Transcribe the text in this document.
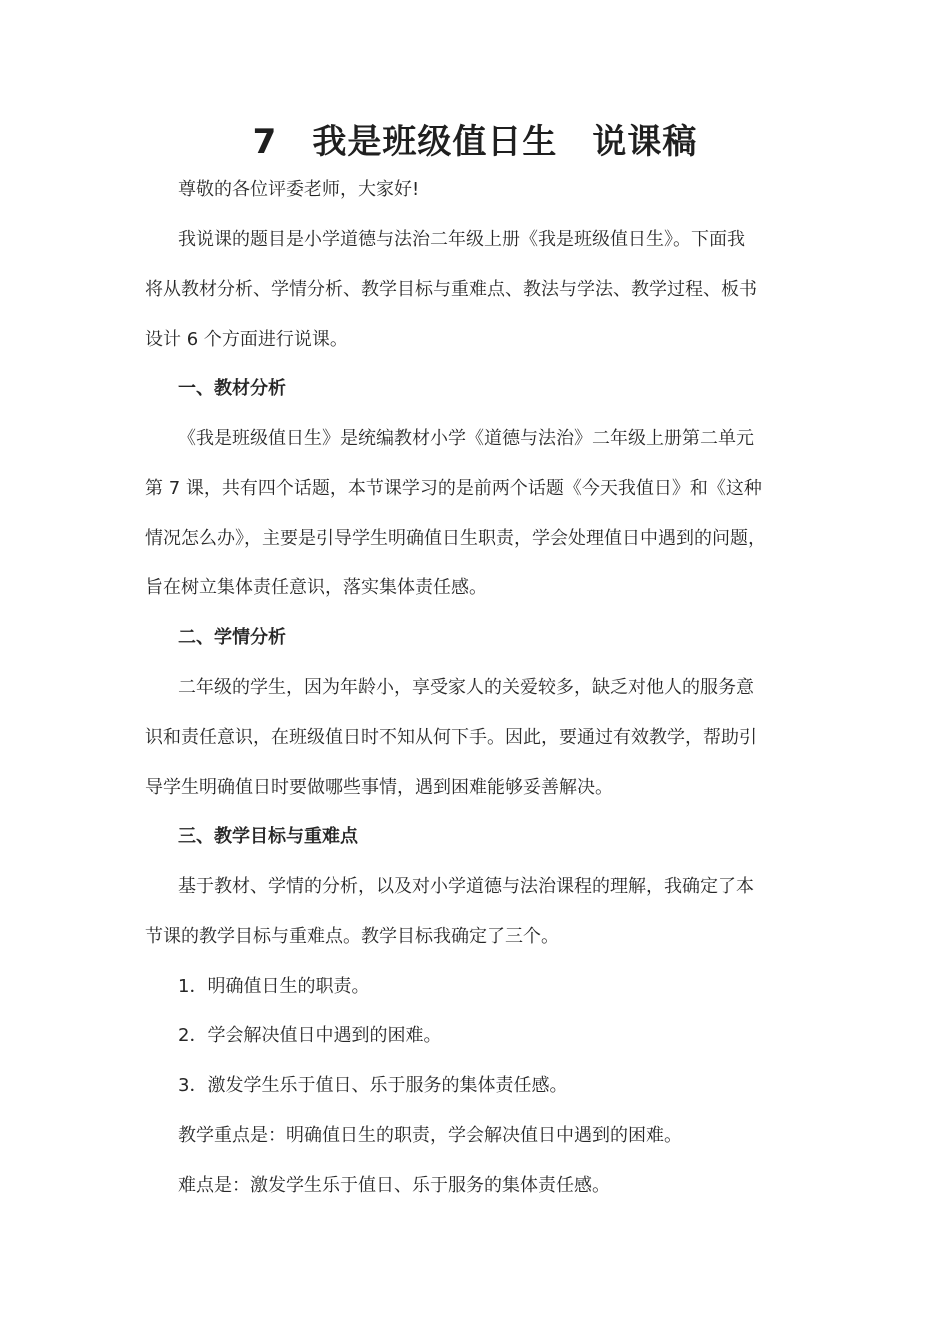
7　我是班级值日生　说课稿
尊敬的各位评委老师，大家好!
我说课的题目是小学道德与法治二年级上册《我是班级值日生》。下面我
将从教材分析、学情分析、教学目标与重难点、教法与学法、教学过程、板书
设计 6 个方面进行说课。
一、教材分析
《我是班级值日生》是统编教材小学《道德与法治》二年级上册第二单元
第 7 课，共有四个话题，本节课学习的是前两个话题《今天我值日》和《这种
情况怎么办》，主要是引导学生明确值日生职责，学会处理值日中遇到的问题，
旨在树立集体责任意识，落实集体责任感。
二、学情分析
二年级的学生，因为年龄小，享受家人的关爱较多，缺乏对他人的服务意
识和责任意识，在班级值日时不知从何下手。因此，要通过有效教学，帮助引
导学生明确值日时要做哪些事情，遇到困难能够妥善解决。
三、教学目标与重难点
基于教材、学情的分析，以及对小学道德与法治课程的理解，我确定了本
节课的教学目标与重难点。教学目标我确定了三个。
1．明确值日生的职责。
2．学会解决值日中遇到的困难。
3．激发学生乐于值日、乐于服务的集体责任感。
教学重点是：明确值日生的职责，学会解决值日中遇到的困难。
难点是：激发学生乐于值日、乐于服务的集体责任感。
